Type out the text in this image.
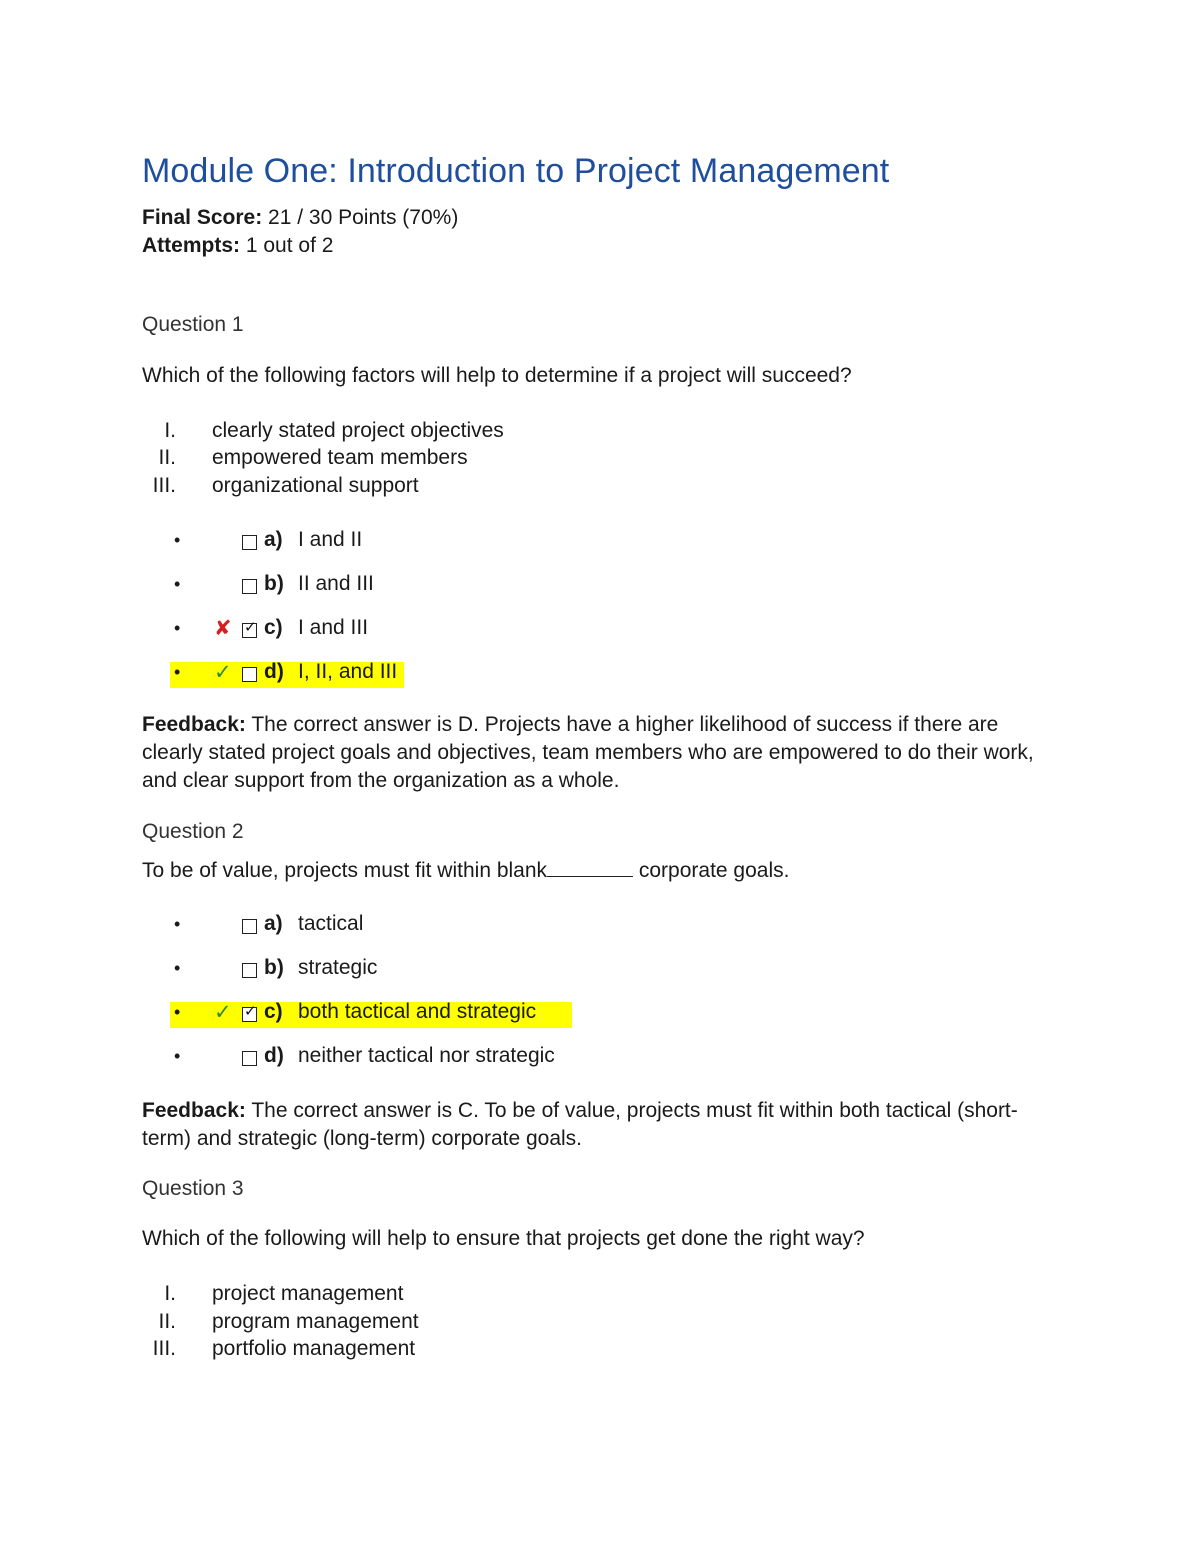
Module One: Introduction to Project Management
Final Score: 21 / 30 Points (70%)
Attempts: 1 out of 2
Question 1
Which of the following factors will help to determine if a project will succeed?
I. clearly stated project objectives
II. empowered team members
III. organizational support
•	a) I and II
•	b) II and III
• ✘ ✓ c) I and III
• ✓ d) I, II, and III
Feedback: The correct answer is D. Projects have a higher likelihood of success if there are clearly stated project goals and objectives, team members who are empowered to do their work, and clear support from the organization as a whole.
Question 2
To be of value, projects must fit within blank	corporate goals.
•	a) tactical
•	b) strategic
• ✓ ✓ c) both tactical and strategic
•	d) neither tactical nor strategic
Feedback: The correct answer is C. To be of value, projects must fit within both tactical (short-term) and strategic (long-term) corporate goals.
Question 3
Which of the following will help to ensure that projects get done the right way?
I. project management
II. program management
III. portfolio management
